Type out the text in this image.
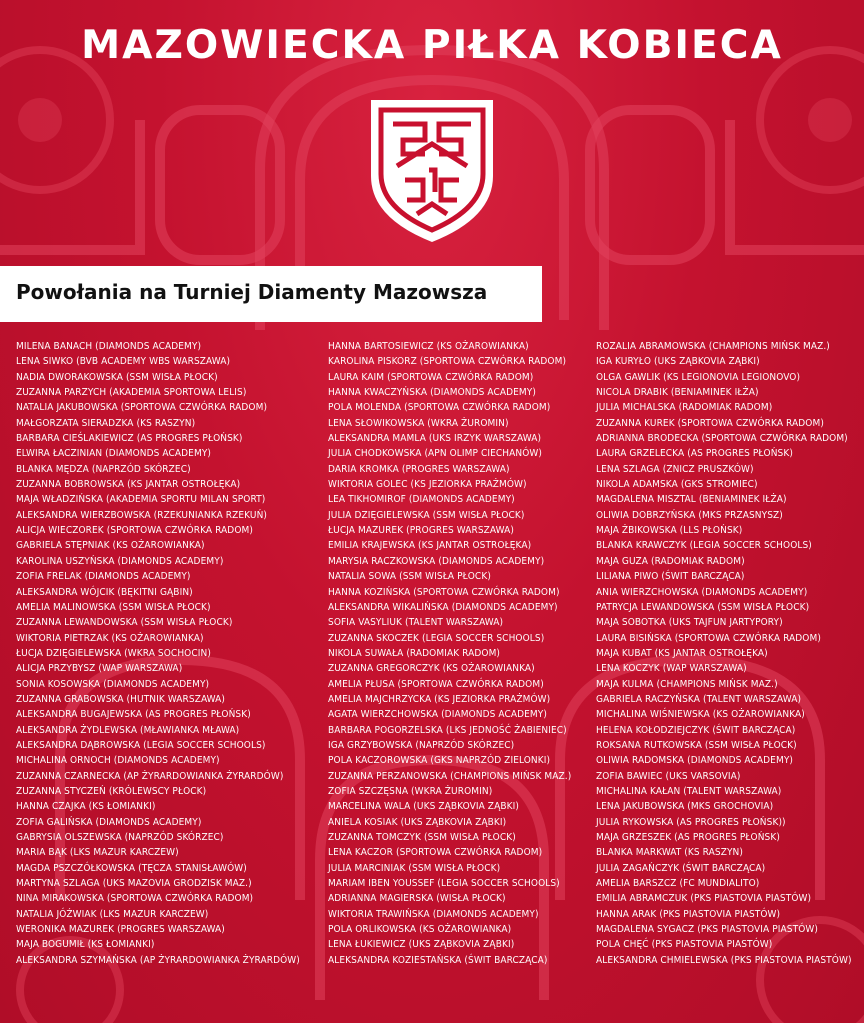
MAZOWIECKA PIŁKA KOBIECA
Powołania na Turniej Diamenty Mazowsza
MILENA BANACH (DIAMONDS ACADEMY)
LENA SIWKO (BVB ACADEMY WBS WARSZAWA)
NADIA DWORAKOWSKA (SSM WISŁA PŁOCK)
ZUZANNA PARZYCH (AKADEMIA SPORTOWA LELIS)
NATALIA JAKUBOWSKA (SPORTOWA CZWÓRKA RADOM)
MAŁGORZATA SIERADZKA (KS RASZYN)
BARBARA CIEŚLAKIEWICZ (AS PROGRES PŁOŃSK)
ELWIRA ŁACZINIAN (DIAMONDS ACADEMY)
BLANKA MĘDZA (NAPRZÓD SKÓRZEC)
ZUZANNA BOBROWSKA (KS JANTAR OSTROŁĘKA)
MAJA WŁADZIŃSKA (AKADEMIA SPORTU MILAN SPORT)
ALEKSANDRA WIERZBOWSKA (RZEKUNIANKA RZEKUŃ)
ALICJA WIECZOREK (SPORTOWA CZWÓRKA RADOM)
GABRIELA STĘPNIAK (KS OŻAROWIANKA)
KAROLINA USZYŃSKA (DIAMONDS ACADEMY)
ZOFIA FRELAK (DIAMONDS ACADEMY)
ALEKSANDRA WÓJCIK (BĘKITNI GĄBIN)
AMELIA MALINOWSKA (SSM WISŁA PŁOCK)
ZUZANNA LEWANDOWSKA (SSM WISŁA PŁOCK)
WIKTORIA PIETRZAK (KS OŻAROWIANKA)
ŁUCJA DZIĘGIELEWSKA (WKRA SOCHOCIN)
ALICJA PRZYBYSZ (WAP WARSZAWA)
SONIA KOSOWSKA (DIAMONDS ACADEMY)
ZUZANNA GRABOWSKA (HUTNIK WARSZAWA)
ALEKSANDRA BUGAJEWSKA (AS PROGRES PŁOŃSK)
ALEKSANDRA ŻYDLEWSKA (MŁAWIANKA MŁAWA)
ALEKSANDRA DĄBROWSKA (LEGIA SOCCER SCHOOLS)
MICHALINA ORNOCH (DIAMONDS ACADEMY)
ZUZANNA CZARNECKA (AP ŻYRARDOWIANKA ŻYRARDÓW)
ZUZANNA STYCZEŃ (KRÓLEWSCY PŁOCK)
HANNA CZAJKA (KS ŁOMIANKI)
ZOFIA GALIŃSKA (DIAMONDS ACADEMY)
GABRYSIA OLSZEWSKA (NAPRZÓD SKÓRZEC)
MARIA BĄK (LKS MAZUR KARCZEW)
MAGDA PSZCZÓŁKOWSKA (TĘCZA STANISŁAWÓW)
MARTYNA SZLAGA (UKS MAZOVIA GRODZISK MAZ.)
NINA MIRAKOWSKA (SPORTOWA CZWÓRKA RADOM)
NATALIA JÓŹWIAK (LKS MAZUR KARCZEW)
WERONIKA MAZUREK (PROGRES WARSZAWA)
MAJA BOGUMIŁ (KS ŁOMIANKI)
ALEKSANDRA SZYMAŃSKA (AP ŻYRARDOWIANKA ŻYRARDÓW)
HANNA BARTOSIEWICZ (KS OŻAROWIANKA)
KAROLINA PISKORZ (SPORTOWA CZWÓRKA RADOM)
LAURA KAIM (SPORTOWA CZWÓRKA RADOM)
HANNA KWACZYŃSKA (DIAMONDS ACADEMY)
POLA MOLENDA (SPORTOWA CZWÓRKA RADOM)
LENA SŁOWIKOWSKA (WKRA ŻUROMIN)
ALEKSANDRA MAMLA (UKS IRZYK WARSZAWA)
JULIA CHODKOWSKA (APN OLIMP CIECHANÓW)
DARIA KROMKA (PROGRES WARSZAWA)
WIKTORIA GOLEC (KS JEZIORKA PRAŻMÓW)
LEA TIKHOMIROF (DIAMONDS ACADEMY)
JULIA DZIĘGIELEWSKA (SSM WISŁA PŁOCK)
ŁUCJA MAZUREK (PROGRES WARSZAWA)
EMILIA KRAJEWSKA (KS JANTAR OSTROŁĘKA)
MARYSIA RACZKOWSKA (DIAMONDS ACADEMY)
NATALIA SOWA (SSM WISŁA PŁOCK)
HANNA KOZIŃSKA (SPORTOWA CZWÓRKA RADOM)
ALEKSANDRA WIKALIŃSKA (DIAMONDS ACADEMY)
SOFIA VASYLIUK (TALENT WARSZAWA)
ZUZANNA SKOCZEK (LEGIA SOCCER SCHOOLS)
NIKOLA SUWAŁA (RADOMIAK RADOM)
ZUZANNA GREGORCZYK (KS OŻAROWIANKA)
AMELIA PŁUSA (SPORTOWA CZWÓRKA RADOM)
AMELIA MAJCHRZYCKA (KS JEZIORKA PRAŻMÓW)
AGATA WIERZCHOWSKA (DIAMONDS ACADEMY)
BARBARA POGORZELSKA (LKS JEDNOŚĆ ŻABIENIEC)
IGA GRZYBOWSKA (NAPRZÓD SKÓRZEC)
POLA KACZOROWSKA (GKS NAPRZÓD ZIELONKI)
ZUZANNA PERZANOWSKA (CHAMPIONS MIŃSK MAZ.)
ZOFIA SZCZĘSNA (WKRA ŻUROMIN)
MARCELINA WALA (UKS ZĄBKOVIA ZĄBKI)
ANIELA KOSIAK (UKS ZĄBKOVIA ZĄBKI)
ZUZANNA TOMCZYK (SSM WISŁA PŁOCK)
LENA KACZOR (SPORTOWA CZWÓRKA RADOM)
JULIA MARCINIAK (SSM WISŁA PŁOCK)
MARIAM IBEN YOUSSEF (LEGIA SOCCER SCHOOLS)
ADRIANNA MAGIERSKA (WISŁA PŁOCK)
WIKTORIA TRAWIŃSKA (DIAMONDS ACADEMY)
POLA ORLIKOWSKA (KS OŻAROWIANKA)
LENA ŁUKIEWICZ (UKS ZĄBKOVIA ZĄBKI)
ALEKSANDRA KOZIESTAŃSKA (ŚWIT BARCZĄCA)
ROZALIA ABRAMOWSKA (CHAMPIONS MIŃSK MAZ.)
IGA KURYŁO (UKS ZĄBKOVIA ZĄBKI)
OLGA GAWLIK (KS LEGIONOVIA LEGIONOVO)
NICOLA DRABIK (BENIAMINEK IŁŻA)
JULIA MICHALSKA (RADOMIAK RADOM)
ZUZANNA KUREK (SPORTOWA CZWÓRKA RADOM)
ADRIANNA BRODECKA (SPORTOWA CZWÓRKA RADOM)
LAURA GRZELECKA (AS PROGRES PŁOŃSK)
LENA SZLAGA (ZNICZ PRUSZKÓW)
NIKOLA ADAMSKA (GKS STROMIEC)
MAGDALENA MISZTAL (BENIAMINEK IŁŻA)
OLIWIA DOBRZYŃSKA (MKS PRZASNYSZ)
MAJA ŻBIKOWSKA (LLS PŁOŃSK)
BLANKA KRAWCZYK (LEGIA SOCCER SCHOOLS)
MAJA GUZA (RADOMIAK RADOM)
LILIANA PIWO (ŚWIT BARCZĄCA)
ANIA WIERZCHOWSKA (DIAMONDS ACADEMY)
PATRYCJA LEWANDOWSKA (SSM WISŁA PŁOCK)
MAJA SOBOTKA (UKS TAJFUN JARTYPORY)
LAURA BISIŃSKA (SPORTOWA CZWÓRKA RADOM)
MAJA KUBAT (KS JANTAR OSTROŁĘKA)
LENA KOCZYK (WAP WARSZAWA)
MAJA KULMA (CHAMPIONS MIŃSK MAZ.)
GABRIELA RACZYŃSKA (TALENT WARSZAWA)
MICHALINA WIŚNIEWSKA (KS OŻAROWIANKA)
HELENA KOŁODZIEJCZYK (ŚWIT BARCZĄCA)
ROKSANA RUTKOWSKA (SSM WISŁA PŁOCK)
OLIWIA RADOMSKA (DIAMONDS ACADEMY)
ZOFIA BAWIEC (UKS VARSOVIA)
MICHALINA KAŁAN (TALENT WARSZAWA)
LENA JAKUBOWSKA (MKS GROCHOVIA)
JULIA RYKOWSKA (AS PROGRES PŁOŃSK))
MAJA GRZESZEK (AS PROGRES PŁOŃSK)
BLANKA MARKWAT (KS RASZYN)
JULIA ZAGAŃCZYK (ŚWIT BARCZĄCA)
AMELIA BARSZCZ (FC MUNDIALITO)
EMILIA ABRAMCZUK (PKS PIASTOVIA PIASTÓW)
HANNA ARAK (PKS PIASTOVIA PIASTÓW)
MAGDALENA SYGACZ (PKS PIASTOVIA PIASTÓW)
POLA CHĘĆ (PKS PIASTOVIA PIASTÓW)
ALEKSANDRA CHMIELEWSKA (PKS PIASTOVIA PIASTÓW)
